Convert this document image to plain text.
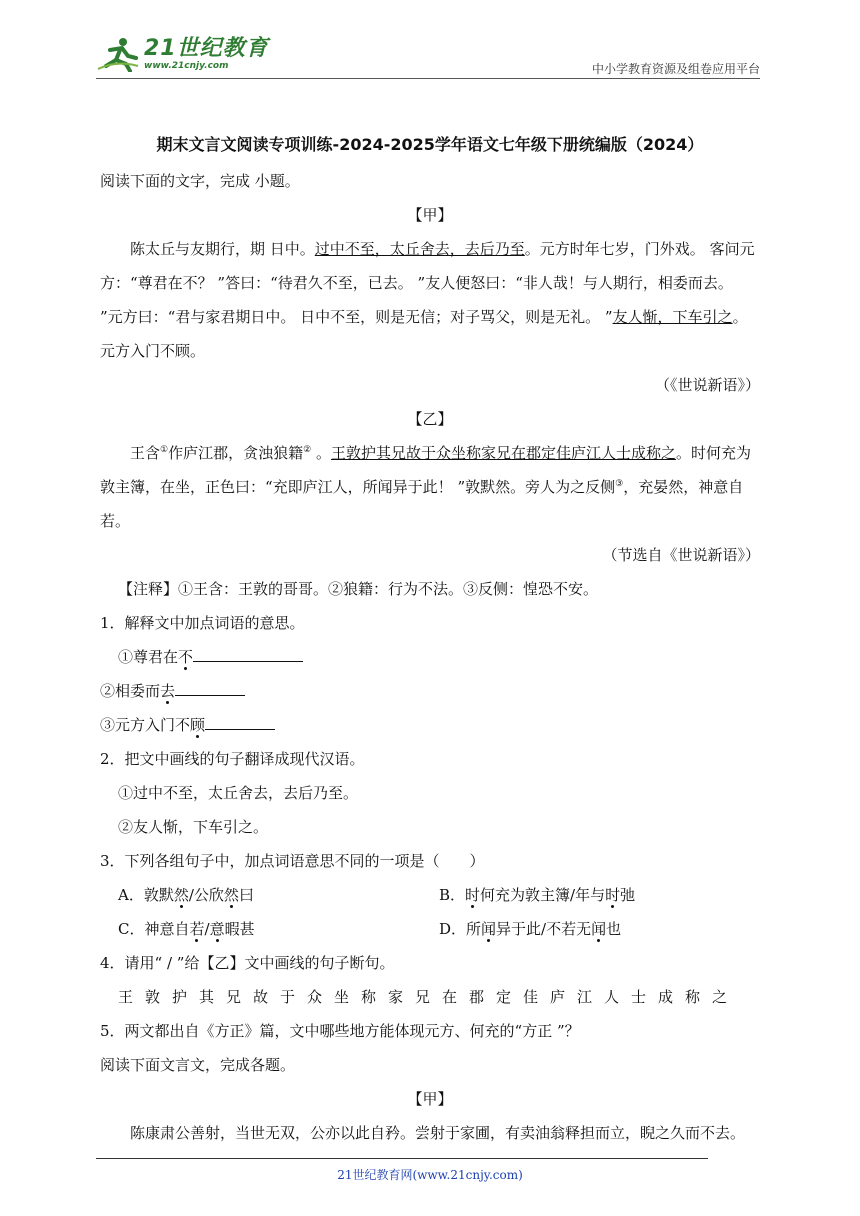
21世纪教育
www.21cnjy.com	中小学教育资源及组卷应用平台
期末文言文阅读专项训练-2024-2025学年语文七年级下册统编版（2024）

阅读下面的文字，完成 小题。

【甲】

陈太丘与友期行，期 日中。过中不至，太丘舍去，去后乃至。元方时年七岁，门外戏。 客问元方：“尊君在不？ ”答曰：“待君久不至，已去。 ”友人便怒曰：“非人哉！与人期行，相委而去。 ”元方曰：“君与家君期日中。 日中不至，则是无信；对子骂父，则是无礼。 ”友人惭，下车引之。元方入门不顾。

（《世说新语》）

【乙】

王含①作庐江郡，贪浊狼籍② 。王敦护其兄故于众坐称家兄在郡定佳庐江人士成称之。时何充为敦主簿，在坐，正色曰：“充即庐江人，所闻异于此！ ”敦默然。旁人为之反侧③，充晏然，神意自若。

（节选自《世说新语》）

【注释】①王含：王敦的哥哥。②狼籍：行为不法。③反侧：惶恐不安。

1．解释文中加点词语的意思。

①尊君在不

②相委而去

③元方入门不顾

2．把文中画线的句子翻译成现代汉语。

①过中不至，太丘舍去，去后乃至。

②友人惭，下车引之。

3．下列各组句子中，加点词语意思不同的一项是（　　）

A．敦默然/公欣然曰	B．时何充为敦主簿/年与时弛
C．神意自若/意暇甚	D．所闻异于此/不若无闻也

4．请用“ / ”给【乙】文中画线的句子断句。

王敦护其兄故于众坐称家兄在郡定佳庐江人士成称之

5．两文都出自《方正》篇，文中哪些地方能体现元方、何充的“方正 ”？

阅读下面文言文，完成各题。

【甲】

陈康肃公善射，当世无双，公亦以此自矜。尝射于家圃，有卖油翁释担而立，睨之久而不去。

21世纪教育网(www.21cnjy.com)
